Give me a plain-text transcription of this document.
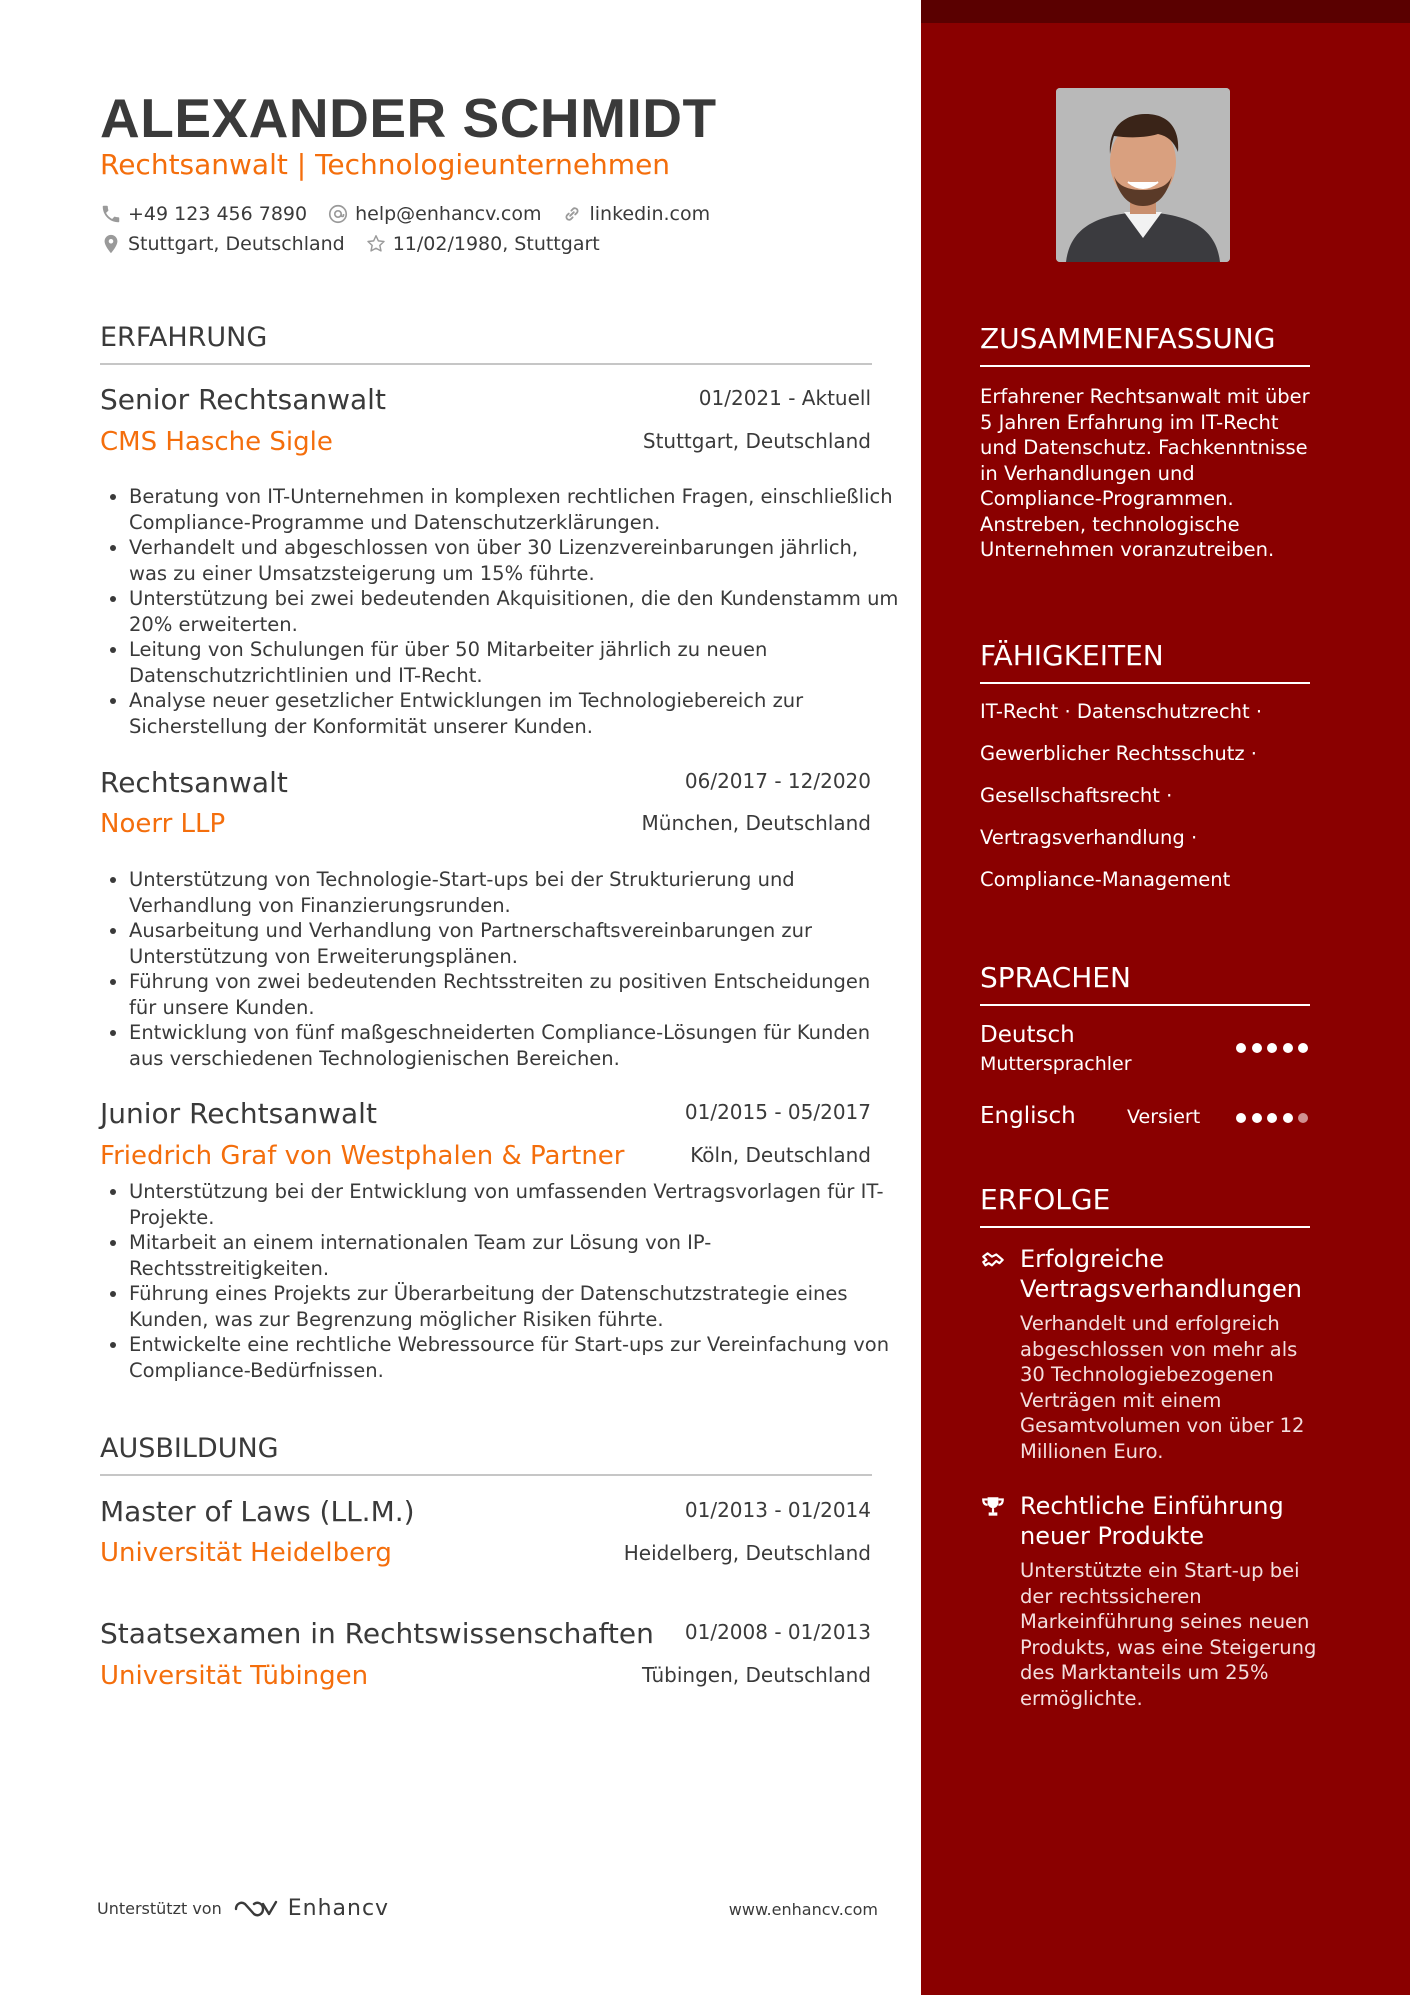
ALEXANDER SCHMIDT
Rechtsanwalt | Technologieunternehmen
+49 123 456 7890	help@enhancv.com	linkedin.com
Stuttgart, Deutschland	11/02/1980, Stuttgart
ERFAHRUNG
Senior Rechtsanwalt	01/2021 - Aktuell
CMS Hasche Sigle	Stuttgart, Deutschland
• Beratung von IT-Unternehmen in komplexen rechtlichen Fragen, einschließlich Compliance-Programme und Datenschutzerklärungen.
• Verhandelt und abgeschlossen von über 30 Lizenzvereinbarungen jährlich, was zu einer Umsatzsteigerung um 15% führte.
• Unterstützung bei zwei bedeutenden Akquisitionen, die den Kundenstamm um 20% erweiterten.
• Leitung von Schulungen für über 50 Mitarbeiter jährlich zu neuen Datenschutzrichtlinien und IT-Recht.
• Analyse neuer gesetzlicher Entwicklungen im Technologiebereich zur Sicherstellung der Konformität unserer Kunden.
Rechtsanwalt	06/2017 - 12/2020
Noerr LLP	München, Deutschland
• Unterstützung von Technologie-Start-ups bei der Strukturierung und Verhandlung von Finanzierungsrunden.
• Ausarbeitung und Verhandlung von Partnerschaftsvereinbarungen zur Unterstützung von Erweiterungsplänen.
• Führung von zwei bedeutenden Rechtsstreiten zu positiven Entscheidungen für unsere Kunden.
• Entwicklung von fünf maßgeschneiderten Compliance-Lösungen für Kunden aus verschiedenen Technologienischen Bereichen.
Junior Rechtsanwalt	01/2015 - 05/2017
Friedrich Graf von Westphalen & Partner	Köln, Deutschland
• Unterstützung bei der Entwicklung von umfassenden Vertragsvorlagen für IT-Projekte.
• Mitarbeit an einem internationalen Team zur Lösung von IP-Rechtsstreitigkeiten.
• Führung eines Projekts zur Überarbeitung der Datenschutzstrategie eines Kunden, was zur Begrenzung möglicher Risiken führte.
• Entwickelte eine rechtliche Webressource für Start-ups zur Vereinfachung von Compliance-Bedürfnissen.
AUSBILDUNG
Master of Laws (LL.M.)	01/2013 - 01/2014
Universität Heidelberg	Heidelberg, Deutschland
Staatsexamen in Rechtswissenschaften 01/2008 - 01/2013
Universität Tübingen	Tübingen, Deutschland
Unterstützt von	Enhancv	www.enhancv.com
ZUSAMMENFASSUNG
Erfahrener Rechtsanwalt mit über 5 Jahren Erfahrung im IT-Recht und Datenschutz. Fachkenntnisse in Verhandlungen und Compliance-Programmen. Anstreben, technologische Unternehmen voranzutreiben.
FÄHIGKEITEN
IT-Recht · Datenschutzrecht ·
Gewerblicher Rechtsschutz ·
Gesellschaftsrecht ·
Vertragsverhandlung ·
Compliance-Management
SPRACHEN
Deutsch
Muttersprachler
Englisch	Versiert
ERFOLGE
Erfolgreiche Vertragsverhandlungen
Verhandelt und erfolgreich abgeschlossen von mehr als 30 Technologiebezogenen Verträgen mit einem Gesamtvolumen von über 12 Millionen Euro.
Rechtliche Einführung neuer Produkte
Unterstützte ein Start-up bei der rechtssicheren Markeinführung seines neuen Produkts, was eine Steigerung des Marktanteils um 25% ermöglichte.
